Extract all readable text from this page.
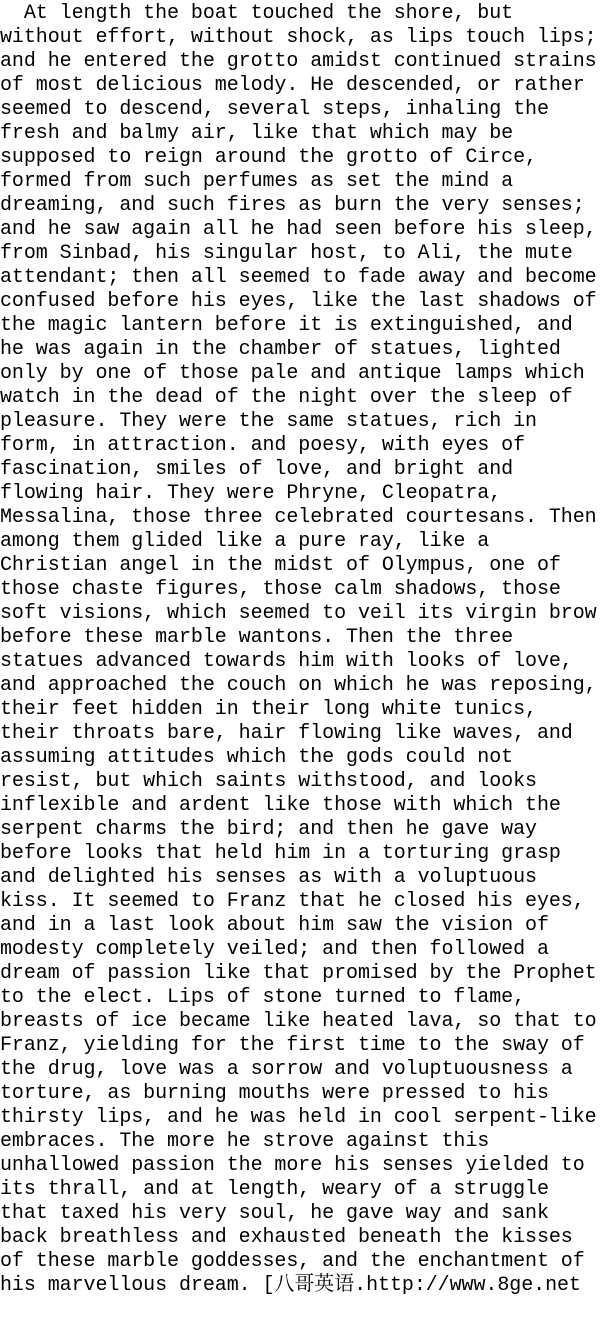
At length the boat touched the shore, but
without effort, without shock, as lips touch lips;
and he entered the grotto amidst continued strains
of most delicious melody. He descended, or rather
seemed to descend, several steps, inhaling the
fresh and balmy air, like that which may be
supposed to reign around the grotto of Circe,
formed from such perfumes as set the mind a
dreaming, and such fires as burn the very senses;
and he saw again all he had seen before his sleep,
from Sinbad, his singular host, to Ali, the mute
attendant; then all seemed to fade away and become
confused before his eyes, like the last shadows of
the magic lantern before it is extinguished, and
he was again in the chamber of statues, lighted
only by one of those pale and antique lamps which
watch in the dead of the night over the sleep of
pleasure. They were the same statues, rich in
form, in attraction. and poesy, with eyes of
fascination, smiles of love, and bright and
flowing hair. They were Phryne, Cleopatra,
Messalina, those three celebrated courtesans. Then
among them glided like a pure ray, like a
Christian angel in the midst of Olympus, one of
those chaste figures, those calm shadows, those
soft visions, which seemed to veil its virgin brow
before these marble wantons. Then the three
statues advanced towards him with looks of love,
and approached the couch on which he was reposing,
their feet hidden in their long white tunics,
their throats bare, hair flowing like waves, and
assuming attitudes which the gods could not
resist, but which saints withstood, and looks
inflexible and ardent like those with which the
serpent charms the bird; and then he gave way
before looks that held him in a torturing grasp
and delighted his senses as with a voluptuous
kiss. It seemed to Franz that he closed his eyes,
and in a last look about him saw the vision of
modesty completely veiled; and then followed a
dream of passion like that promised by the Prophet
to the elect. Lips of stone turned to flame,
breasts of ice became like heated lava, so that to
Franz, yielding for the first time to the sway of
the drug, love was a sorrow and voluptuousness a
torture, as burning mouths were pressed to his
thirsty lips, and he was held in cool serpent-like
embraces. The more he strove against this
unhallowed passion the more his senses yielded to
its thrall, and at length, weary of a struggle
that taxed his very soul, he gave way and sank
back breathless and exhausted beneath the kisses
of these marble goddesses, and the enchantment of
his marvellous dream. [八哥英语.http://www.8ge.net
